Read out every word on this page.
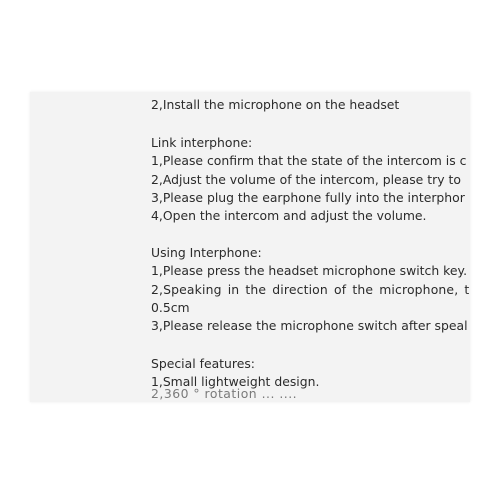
2,Install the microphone on the headset
Link interphone:
1,Please confirm that the state of the intercom is c
2,Adjust the volume of the intercom, please try to
3,Please plug the earphone fully into the interphor
4,Open the intercom and adjust the volume.
Using Interphone:
1,Please press the headset microphone switch key.
2,Speaking in the direction of the microphone, t
0.5cm
3,Please release the microphone switch after speal
Special features:
1,Small lightweight design.
2,360 ° rotation ... ....
